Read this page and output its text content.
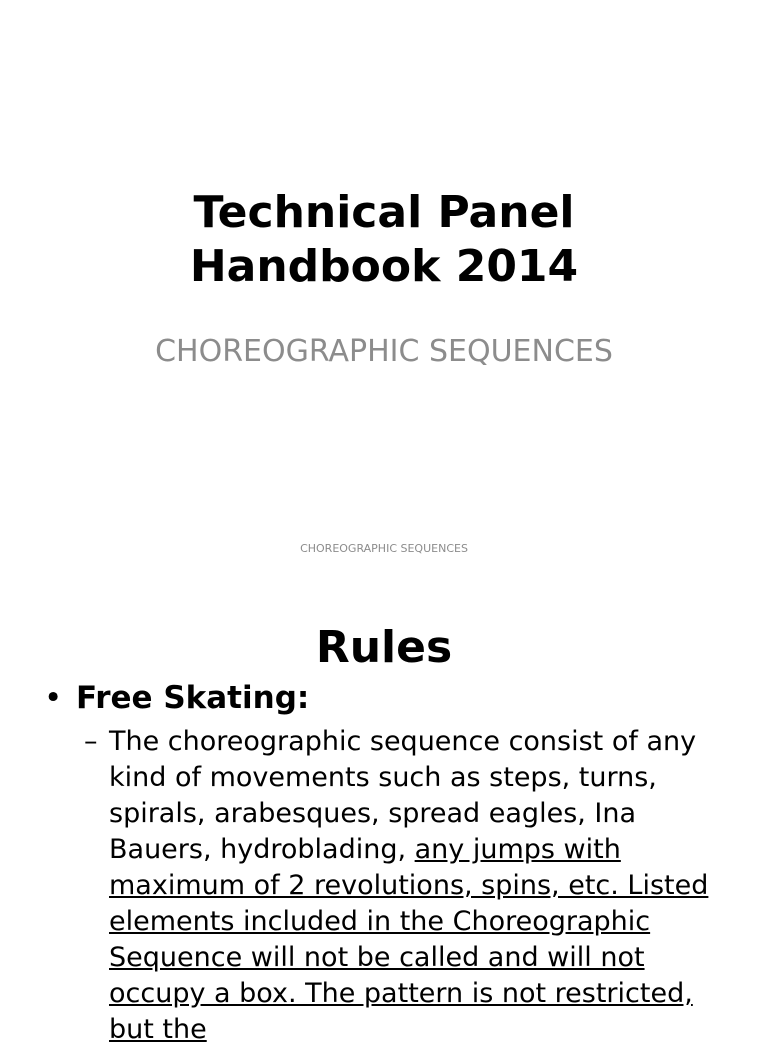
Technical Panel
Handbook 2014
CHOREOGRAPHIC SEQUENCES
CHOREOGRAPHIC SEQUENCES
Rules
• Free Skating:
– The choreographic sequence consist of any kind of movements such as steps, turns, spirals, arabesques, spread eagles, Ina Bauers, hydroblading, any jumps with maximum of 2 revolutions, spins, etc. Listed elements included in the Choreographic Sequence will not be called and will not occupy a box. The pattern is not restricted, but the
